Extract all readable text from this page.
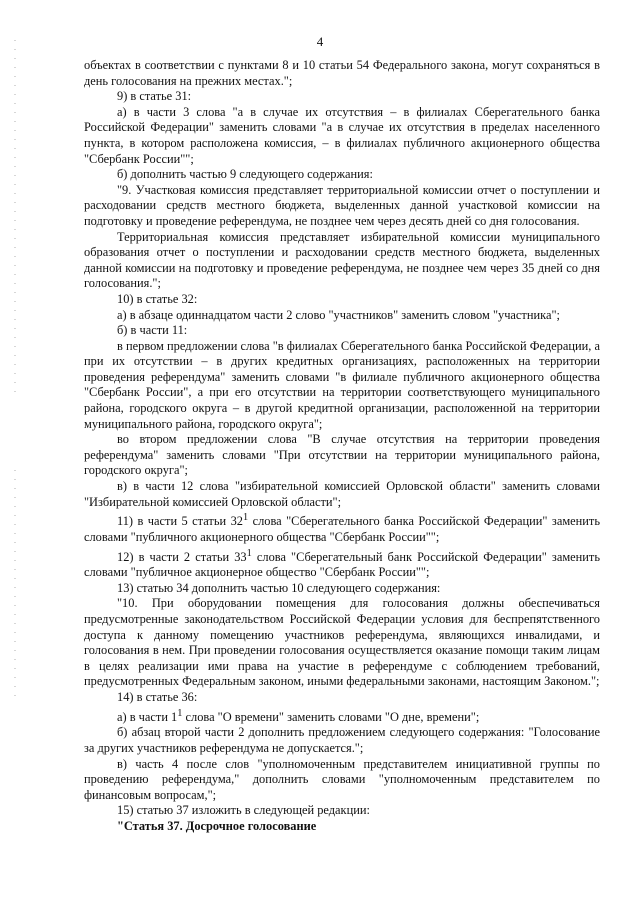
4

объектах в соответствии с пунктами 8 и 10 статьи 54 Федерального закона, могут сохраняться в день голосования на прежних местах.";

9) в статье 31:

а) в части 3 слова "а в случае их отсутствия – в филиалах Сберегательного банка Российской Федерации" заменить словами "а в случае их отсутствия в пределах населенного пункта, в котором расположена комиссия, – в филиалах публичного акционерного общества "Сбербанк России"";

б) дополнить частью 9 следующего содержания:

"9. Участковая комиссия представляет территориальной комиссии отчет о поступлении и расходовании средств местного бюджета, выделенных данной участковой комиссии на подготовку и проведение референдума, не позднее чем через десять дней со дня голосования.

Территориальная комиссия представляет избирательной комиссии муниципального образования отчет о поступлении и расходовании средств местного бюджета, выделенных данной комиссии на подготовку и проведение референдума, не позднее чем через 35 дней со дня голосования.";

10) в статье 32:

а) в абзаце одиннадцатом части 2 слово "участников" заменить словом "участника";

б) в части 11:

в первом предложении слова "в филиалах Сберегательного банка Российской Федерации, а при их отсутствии – в других кредитных организациях, расположенных на территории проведения референдума" заменить словами "в филиале публичного акционерного общества "Сбербанк России", а при его отсутствии на территории соответствующего муниципального района, городского округа – в другой кредитной организации, расположенной на территории муниципального района, городского округа";

во втором предложении слова "В случае отсутствия на территории проведения референдума" заменить словами "При отсутствии на территории муниципального района, городского округа";

в) в части 12 слова "избирательной комиссией Орловской области" заменить словами "Избирательной комиссией Орловской области";

11) в части 5 статьи $32^1$ слова "Сберегательного банка Российской Федерации" заменить словами "публичного акционерного общества "Сбербанк России"";

12) в части 2 статьи $33^1$ слова "Сберегательный банк Российской Федерации" заменить словами "публичное акционерное общество "Сбербанк России"";

13) статью 34 дополнить частью 10 следующего содержания:

"10. При оборудовании помещения для голосования должны обеспечиваться предусмотренные законодательством Российской Федерации условия для беспрепятственного доступа к данному помещению участников референдума, являющихся инвалидами, и голосования в нем. При проведении голосования осуществляется оказание помощи таким лицам в целях реализации ими права на участие в референдуме с соблюдением требований, предусмотренных Федеральным законом, иными федеральными законами, настоящим Законом.";

14) в статье 36:

а) в части $1^1$ слова "О времени" заменить словами "О дне, времени";

б) абзац второй части 2 дополнить предложением следующего содержания: "Голосование за других участников референдума не допускается.";

в) часть 4 после слов "уполномоченным представителем инициативной группы по проведению референдума," дополнить словами "уполномоченным представителем по финансовым вопросам,";

15) статью 37 изложить в следующей редакции:

"Статья 37. Досрочное голосование
